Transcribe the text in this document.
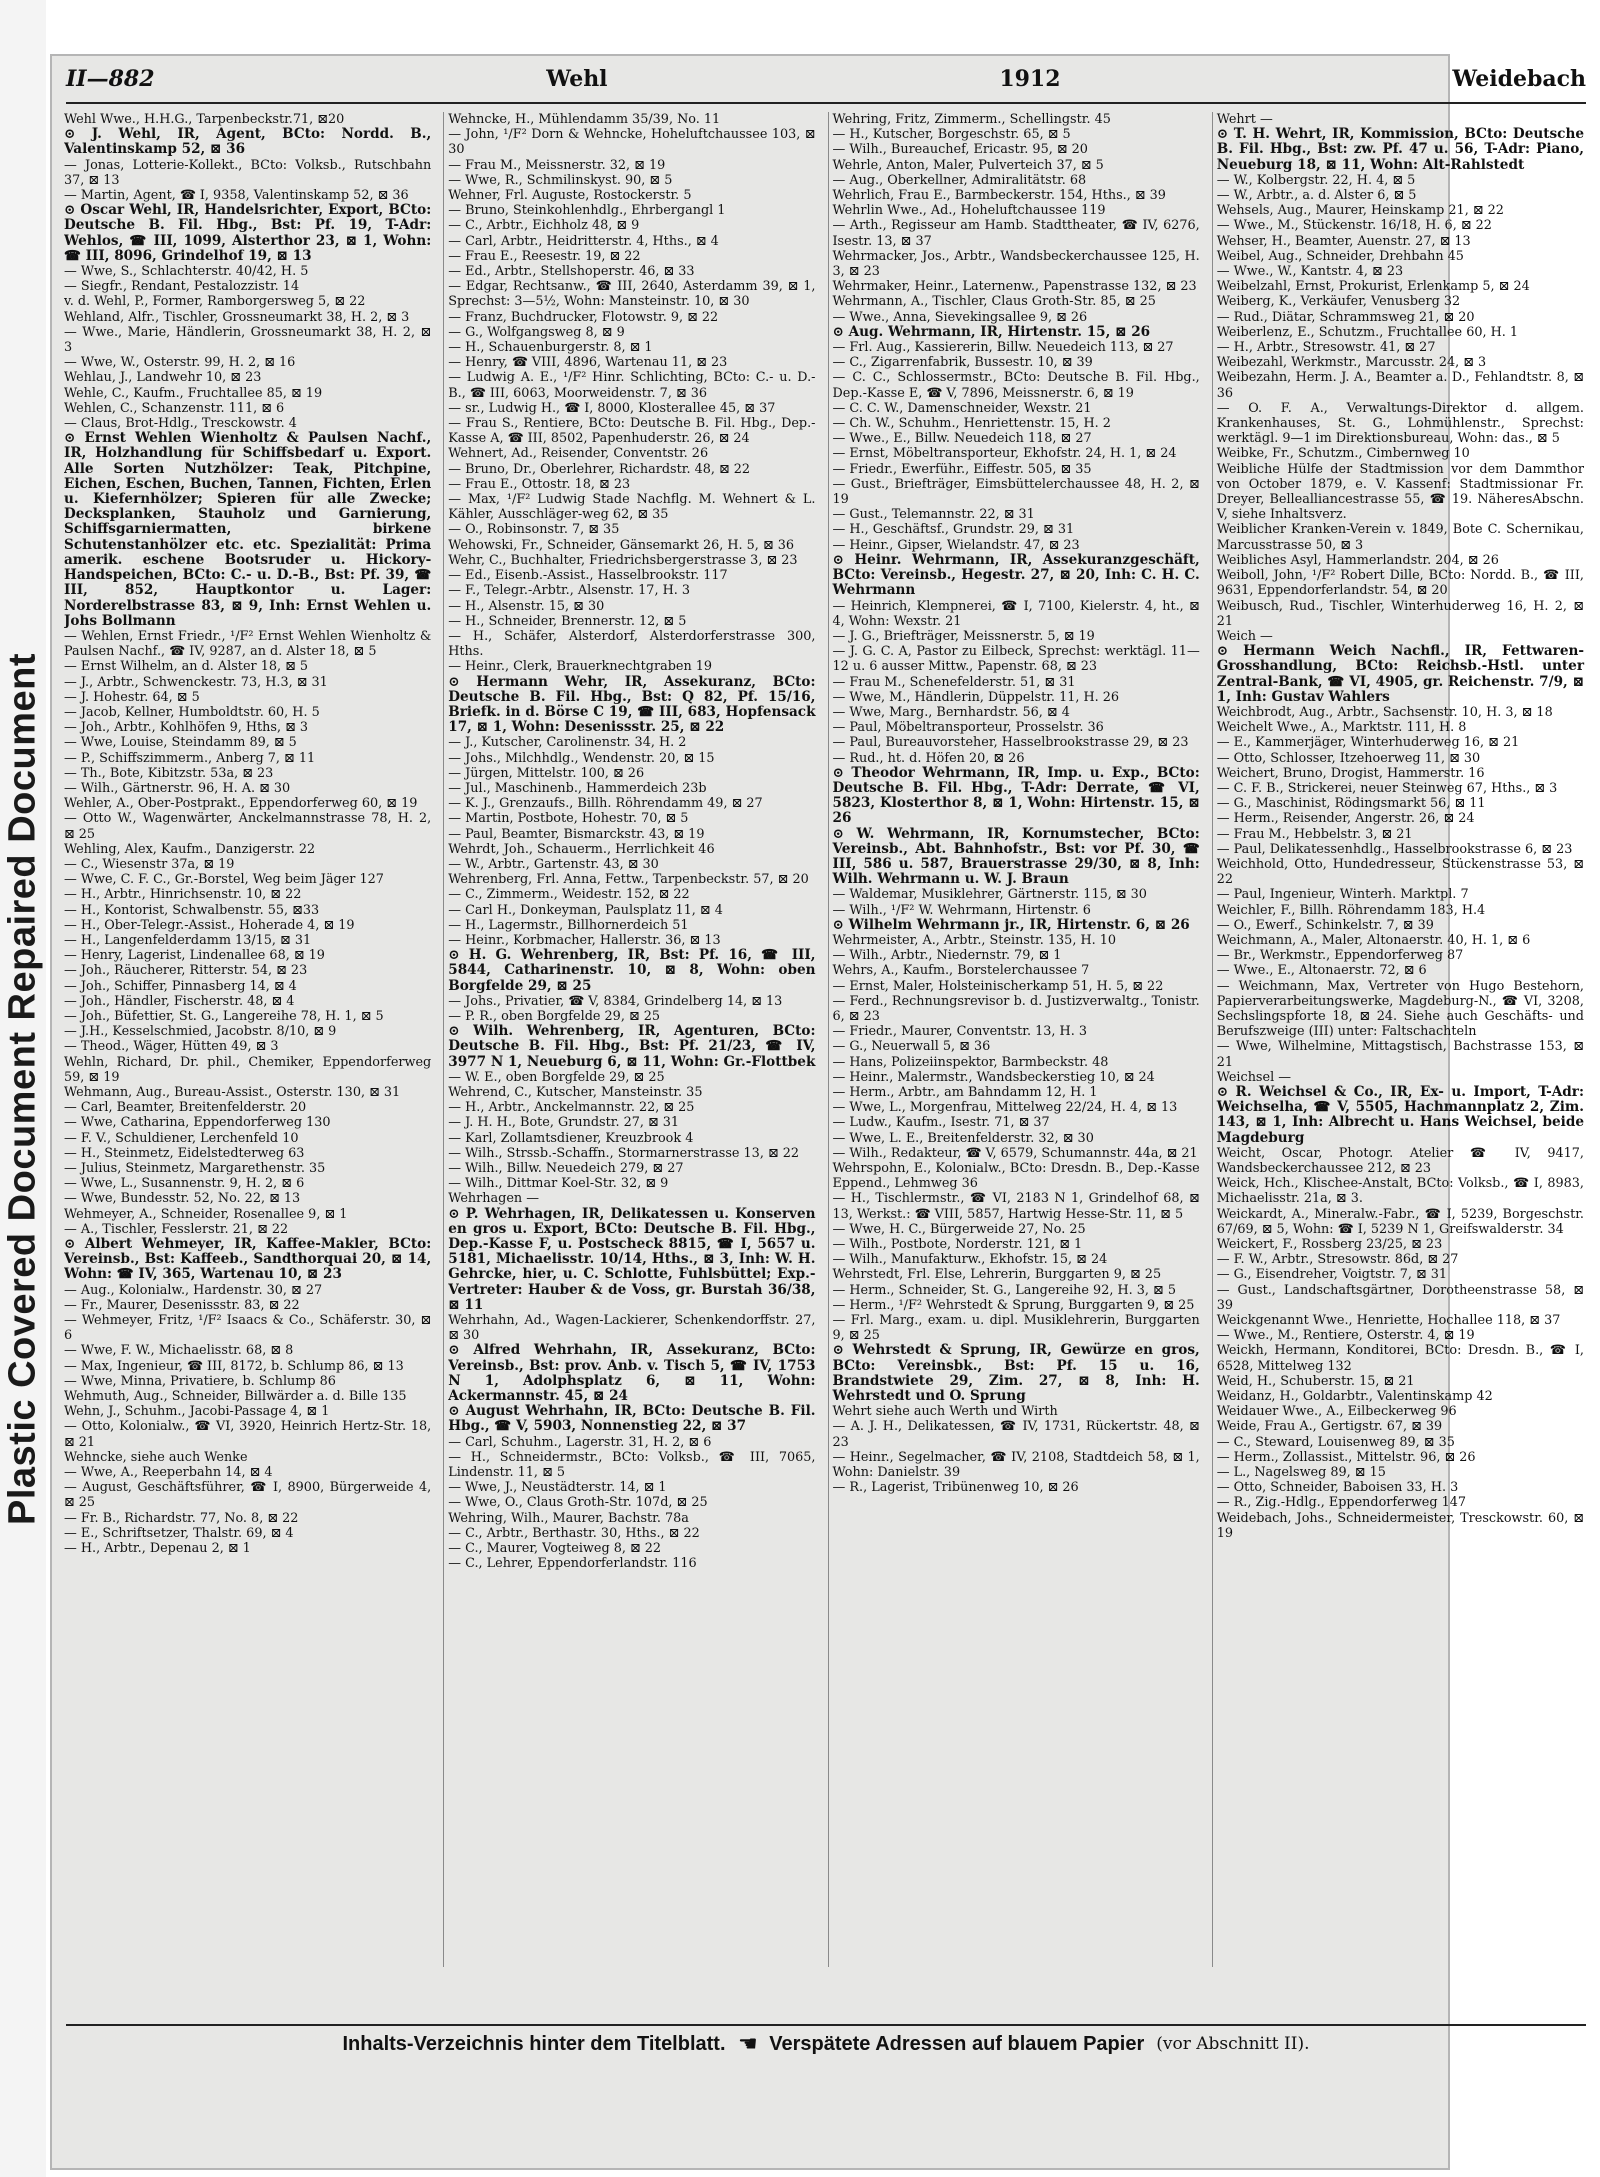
Plastic Covered Document Repaired Document
II—882	Wehl	1912	Weidebach

Wehl Wwe., H.H.G., Tarpenbeckstr.71, ⊠20

⊙ J. Wehl, IR, Agent, BCto: Nordd. B., Valentinskamp 52, ⊠ 36

— Jonas, Lotterie-Kollekt., BCto: Volksb., Rutschbahn 37, ⊠ 13

— Martin, Agent, ☎ I, 9358, Valentinskamp 52, ⊠ 36

⊙ Oscar Wehl, IR, Handelsrichter, Export, BCto: Deutsche B. Fil. Hbg., Bst: Pf. 19, T-Adr: Wehlos, ☎ III, 1099, Alsterthor 23, ⊠ 1, Wohn: ☎ III, 8096, Grindelhof 19, ⊠ 13

— Wwe, S., Schlachterstr. 40/42, H. 5

— Siegfr., Rendant, Pestalozzistr. 14

v. d. Wehl, P., Former, Ramborgersweg 5, ⊠ 22

Wehland, Alfr., Tischler, Grossneumarkt 38, H. 2, ⊠ 3

— Wwe., Marie, Händlerin, Grossneumarkt 38, H. 2, ⊠ 3

— Wwe, W., Osterstr. 99, H. 2, ⊠ 16

Wehlau, J., Landwehr 10, ⊠ 23

Wehle, C., Kaufm., Fruchtallee 85, ⊠ 19

Wehlen, C., Schanzenstr. 111, ⊠ 6

— Claus, Brot-Hdlg., Tresckowstr. 4

⊙ Ernst Wehlen Wienholtz & Paulsen Nachf., IR, Holzhandlung für Schiffsbedarf u. Export. Alle Sorten Nutzhölzer: Teak, Pitchpine, Eichen, Eschen, Buchen, Tannen, Fichten, Erlen u. Kiefernhölzer; Spieren für alle Zwecke; Decksplanken, Stauholz und Garnierung, Schiffsgarniermatten, birkene Schutenstanhölzer etc. etc. Spezialität: Prima amerik. eschene Bootsruder u. Hickory-Handspeichen, BCto: C.- u. D.-B., Bst: Pf. 39, ☎ III, 852, Hauptkontor u. Lager: Norderelbstrasse 83, ⊠ 9, Inh: Ernst Wehlen u. Johs Bollmann

— Wehlen, Ernst Friedr., ¹/F² Ernst Wehlen Wienholtz & Paulsen Nachf., ☎ IV, 9287, an d. Alster 18, ⊠ 5

— Ernst Wilhelm, an d. Alster 18, ⊠ 5

— J., Arbtr., Schwenckestr. 73, H.3, ⊠ 31

— J. Hohestr. 64, ⊠ 5

— Jacob, Kellner, Humboldtstr. 60, H. 5

— Joh., Arbtr., Kohlhöfen 9, Hths, ⊠ 3

— Wwe, Louise, Steindamm 89, ⊠ 5

— P., Schiffszimmerm., Anberg 7, ⊠ 11

— Th., Bote, Kibitzstr. 53a, ⊠ 23

— Wilh., Gärtnerstr. 96, H. A. ⊠ 30

Wehler, A., Ober-Postprakt., Eppendorferweg 60, ⊠ 19

— Otto W., Wagenwärter, Anckelmannstrasse 78, H. 2, ⊠ 25

Wehling, Alex, Kaufm., Danzigerstr. 22

— C., Wiesenstr 37a, ⊠ 19

— Wwe, C. F. C., Gr.-Borstel, Weg beim Jäger 127

— H., Arbtr., Hinrichsenstr. 10, ⊠ 22

— H., Kontorist, Schwalbenstr. 55, ⊠33

— H., Ober-Telegr.-Assist., Hoherade 4, ⊠ 19

— H., Langenfelderdamm 13/15, ⊠ 31

— Henry, Lagerist, Lindenallee 68, ⊠ 19

— Joh., Räucherer, Ritterstr. 54, ⊠ 23

— Joh., Schiffer, Pinnasberg 14, ⊠ 4

— Joh., Händler, Fischerstr. 48, ⊠ 4

— Joh., Büfettier, St. G., Langereihe 78, H. 1, ⊠ 5

— J.H., Kesselschmied, Jacobstr. 8/10, ⊠ 9

— Theod., Wäger, Hütten 49, ⊠ 3

Wehln, Richard, Dr. phil., Chemiker, Eppendorferweg 59, ⊠ 19

Wehmann, Aug., Bureau-Assist., Osterstr. 130, ⊠ 31

— Carl, Beamter, Breitenfelderstr. 20

— Wwe, Catharina, Eppendorferweg 130

— F. V., Schuldiener, Lerchenfeld 10

— H., Steinmetz, Eidelstedterweg 63

— Julius, Steinmetz, Margarethenstr. 35

— Wwe, L., Susannenstr. 9, H. 2, ⊠ 6

— Wwe, Bundesstr. 52, No. 22, ⊠ 13

Wehmeyer, A., Schneider, Rosenallee 9, ⊠ 1

— A., Tischler, Fesslerstr. 21, ⊠ 22

⊙ Albert Wehmeyer, IR, Kaffee-Makler, BCto: Vereinsb., Bst: Kaffeeb., Sandthorquai 20, ⊠ 14, Wohn: ☎ IV, 365, Wartenau 10, ⊠ 23

— Aug., Kolonialw., Hardenstr. 30, ⊠ 27

— Fr., Maurer, Desenissstr. 83, ⊠ 22

— Wehmeyer, Fritz, ¹/F² Isaacs & Co., Schäferstr. 30, ⊠ 6

— Wwe, F. W., Michaelisstr. 68, ⊠ 8

— Max, Ingenieur, ☎ III, 8172, b. Schlump 86, ⊠ 13

— Wwe, Minna, Privatiere, b. Schlump 86

Wehmuth, Aug., Schneider, Billwärder a. d. Bille 135

Wehn, J., Schuhm., Jacobi-Passage 4, ⊠ 1

— Otto, Kolonialw., ☎ VI, 3920, Heinrich Hertz-Str. 18, ⊠ 21

Wehncke, siehe auch Wenke

— Wwe, A., Reeperbahn 14, ⊠ 4

— August, Geschäftsführer, ☎ I, 8900, Bürgerweide 4, ⊠ 25

— Fr. B., Richardstr. 77, No. 8, ⊠ 22

— E., Schriftsetzer, Thalstr. 69, ⊠ 4

— H., Arbtr., Depenau 2, ⊠ 1

Wehncke, H., Mühlendamm 35/39, No. 11

— John, ¹/F² Dorn & Wehncke, Hoheluftchaussee 103, ⊠ 30

— Frau M., Meissnerstr. 32, ⊠ 19

— Wwe, R., Schmilinskyst. 90, ⊠ 5

Wehner, Frl. Auguste, Rostockerstr. 5

— Bruno, Steinkohlenhdlg., Ehrbergangl 1

— C., Arbtr., Eichholz 48, ⊠ 9

— Carl, Arbtr., Heidritterstr. 4, Hths., ⊠ 4

— Frau E., Reesestr. 19, ⊠ 22

— Ed., Arbtr., Stellshoperstr. 46, ⊠ 33

— Edgar, Rechtsanw., ☎ III, 2640, Asterdamm 39, ⊠ 1, Sprechst: 3—5½, Wohn: Mansteinstr. 10, ⊠ 30

— Franz, Buchdrucker, Flotowstr. 9, ⊠ 22

— G., Wolfgangsweg 8, ⊠ 9

— H., Schauenburgerstr. 8, ⊠ 1

— Henry, ☎ VIII, 4896, Wartenau 11, ⊠ 23

— Ludwig A. E., ¹/F² Hinr. Schlichting, BCto: C.- u. D.-B., ☎ III, 6063, Moorweidenstr. 7, ⊠ 36

— sr., Ludwig H., ☎ I, 8000, Klosterallee 45, ⊠ 37

— Frau S., Rentiere, BCto: Deutsche B. Fil. Hbg., Dep.-Kasse A, ☎ III, 8502, Papenhuderstr. 26, ⊠ 24

Wehnert, Ad., Reisender, Conventstr. 26

— Bruno, Dr., Oberlehrer, Richardstr. 48, ⊠ 22

— Frau E., Ottostr. 18, ⊠ 23

— Max, ¹/F² Ludwig Stade Nachflg. M. Wehnert & L. Kähler, Ausschläger-weg 62, ⊠ 35

— O., Robinsonstr. 7, ⊠ 35

Wehowski, Fr., Schneider, Gänsemarkt 26, H. 5, ⊠ 36

Wehr, C., Buchhalter, Friedrichsbergerstrasse 3, ⊠ 23

— Ed., Eisenb.-Assist., Hasselbrookstr. 117

— F., Telegr.-Arbtr., Alsenstr. 17, H. 3

— H., Alsenstr. 15, ⊠ 30

— H., Schneider, Brennerstr. 12, ⊠ 5

— H., Schäfer, Alsterdorf, Alsterdorferstrasse 300, Hths.

— Heinr., Clerk, Brauerknechtgraben 19

⊙ Hermann Wehr, IR, Assekuranz, BCto: Deutsche B. Fil. Hbg., Bst: Q 82, Pf. 15/16, Briefk. in d. Börse C 19, ☎ III, 683, Hopfensack 17, ⊠ 1, Wohn: Desenissstr. 25, ⊠ 22

— J., Kutscher, Carolinenstr. 34, H. 2

— Johs., Milchhdlg., Wendenstr. 20, ⊠ 15

— Jürgen, Mittelstr. 100, ⊠ 26

— Jul., Maschinenb., Hammerdeich 23b

— K. J., Grenzaufs., Billh. Röhrendamm 49, ⊠ 27

— Martin, Postbote, Hohestr. 70, ⊠ 5

— Paul, Beamter, Bismarckstr. 43, ⊠ 19

Wehrdt, Joh., Schauerm., Herrlichkeit 46

— W., Arbtr., Gartenstr. 43, ⊠ 30

Wehrenberg, Frl. Anna, Fettw., Tarpenbeckstr. 57, ⊠ 20

— C., Zimmerm., Weidestr. 152, ⊠ 22

— Carl H., Donkeyman, Paulsplatz 11, ⊠ 4

— H., Lagermstr., Billhornerdeich 51

— Heinr., Korbmacher, Hallerstr. 36, ⊠ 13

⊙ H. G. Wehrenberg, IR, Bst: Pf. 16, ☎ III, 5844, Catharinenstr. 10, ⊠ 8, Wohn: oben Borgfelde 29, ⊠ 25

— Johs., Privatier, ☎ V, 8384, Grindelberg 14, ⊠ 13

— P. R., oben Borgfelde 29, ⊠ 25

⊙ Wilh. Wehrenberg, IR, Agenturen, BCto: Deutsche B. Fil. Hbg., Bst: Pf. 21/23, ☎ IV, 3977 N 1, Neueburg 6, ⊠ 11, Wohn: Gr.-Flottbek

— W. E., oben Borgfelde 29, ⊠ 25

Wehrend, C., Kutscher, Mansteinstr. 35

— H., Arbtr., Anckelmannstr. 22, ⊠ 25

— J. H. H., Bote, Grundstr. 27, ⊠ 31

— Karl, Zollamtsdiener, Kreuzbrook 4

— Wilh., Strssb.-Schaffn., Stormarnerstrasse 13, ⊠ 22

— Wilh., Billw. Neuedeich 279, ⊠ 27

— Wilh., Dittmar Koel-Str. 32, ⊠ 9

Wehrhagen —

⊙ P. Wehrhagen, IR, Delikatessen u. Konserven en gros u. Export, BCto: Deutsche B. Fil. Hbg., Dep.-Kasse F, u. Postscheck 8815, ☎ I, 5657 u. 5181, Michaelisstr. 10/14, Hths., ⊠ 3, Inh: W. H. Gehrcke, hier, u. C. Schlotte, Fuhlsbüttel; Exp.-Vertreter: Hauber & de Voss, gr. Burstah 36/38, ⊠ 11

Wehrhahn, Ad., Wagen-Lackierer, Schenkendorffstr. 27, ⊠ 30

⊙ Alfred Wehrhahn, IR, Assekuranz, BCto: Vereinsb., Bst: prov. Anb. v. Tisch 5, ☎ IV, 1753 N 1, Adolphsplatz 6, ⊠ 11, Wohn: Ackermannstr. 45, ⊠ 24

⊙ August Wehrhahn, IR, BCto: Deutsche B. Fil. Hbg., ☎ V, 5903, Nonnenstieg 22, ⊠ 37

— Carl, Schuhm., Lagerstr. 31, H. 2, ⊠ 6

— H., Schneidermstr., BCto: Volksb., ☎ III, 7065, Lindenstr. 11, ⊠ 5

— Wwe, J., Neustädterstr. 14, ⊠ 1

— Wwe, O., Claus Groth-Str. 107d, ⊠ 25

Wehring, Wilh., Maurer, Bachstr. 78a

— C., Arbtr., Berthastr. 30, Hths., ⊠ 22

— C., Maurer, Vogteiweg 8, ⊠ 22

— C., Lehrer, Eppendorferlandstr. 116

Wehring, Fritz, Zimmerm., Schellingstr. 45

— H., Kutscher, Borgeschstr. 65, ⊠ 5

— Wilh., Bureauchef, Ericastr. 95, ⊠ 20

Wehrle, Anton, Maler, Pulverteich 37, ⊠ 5

— Aug., Oberkellner, Admiralitätstr. 68

Wehrlich, Frau E., Barmbeckerstr. 154, Hths., ⊠ 39

Wehrlin Wwe., Ad., Hoheluftchaussee 119

— Arth., Regisseur am Hamb. Stadttheater, ☎ IV, 6276, Isestr. 13, ⊠ 37

Wehrmacker, Jos., Arbtr., Wandsbeckerchaussee 125, H. 3, ⊠ 23

Wehrmaker, Heinr., Laternenw., Papenstrasse 132, ⊠ 23

Wehrmann, A., Tischler, Claus Groth-Str. 85, ⊠ 25

— Wwe., Anna, Sievekingsallee 9, ⊠ 26

⊙ Aug. Wehrmann, IR, Hirtenstr. 15, ⊠ 26

— Frl. Aug., Kassiererin, Billw. Neuedeich 113, ⊠ 27

— C., Zigarrenfabrik, Bussestr. 10, ⊠ 39

— C. C., Schlossermstr., BCto: Deutsche B. Fil. Hbg., Dep.-Kasse E, ☎ V, 7896, Meissnerstr. 6, ⊠ 19

— C. C. W., Damenschneider, Wexstr. 21

— Ch. W., Schuhm., Henriettenstr. 15, H. 2

— Wwe., E., Billw. Neuedeich 118, ⊠ 27

— Ernst, Möbeltransporteur, Ekhofstr. 24, H. 1, ⊠ 24

— Friedr., Ewerführ., Eiffestr. 505, ⊠ 35

— Gust., Briefträger, Eimsbüttelerchaussee 48, H. 2, ⊠ 19

— Gust., Telemannstr. 22, ⊠ 31

— H., Geschäftsf., Grundstr. 29, ⊠ 31

— Heinr., Gipser, Wielandstr. 47, ⊠ 23

⊙ Heinr. Wehrmann, IR, Assekuranzgeschäft, BCto: Vereinsb., Hegestr. 27, ⊠ 20, Inh: C. H. C. Wehrmann

— Heinrich, Klempnerei, ☎ I, 7100, Kielerstr. 4, ht., ⊠ 4, Wohn: Wexstr. 21

— J. G., Briefträger, Meissnerstr. 5, ⊠ 19

— J. G. C. A, Pastor zu Eilbeck, Sprechst: werktägl. 11—12 u. 6 ausser Mittw., Papenstr. 68, ⊠ 23

— Frau M., Schenefelderstr. 51, ⊠ 31

— Wwe, M., Händlerin, Düppelstr. 11, H. 26

— Wwe, Marg., Bernhardstr. 56, ⊠ 4

— Paul, Möbeltransporteur, Prosselstr. 36

— Paul, Bureauvorsteher, Hasselbrookstrasse 29, ⊠ 23

— Rud., ht. d. Höfen 20, ⊠ 26

⊙ Theodor Wehrmann, IR, Imp. u. Exp., BCto: Deutsche B. Fil. Hbg., T-Adr: Derrate, ☎ VI, 5823, Klosterthor 8, ⊠ 1, Wohn: Hirtenstr. 15, ⊠ 26

⊙ W. Wehrmann, IR, Kornumstecher, BCto: Vereinsb., Abt. Bahnhofstr., Bst: vor Pf. 30, ☎ III, 586 u. 587, Brauerstrasse 29/30, ⊠ 8, Inh: Wilh. Wehrmann u. W. J. Braun

— Waldemar, Musiklehrer, Gärtnerstr. 115, ⊠ 30

— Wilh., ¹/F² W. Wehrmann, Hirtenstr. 6

⊙ Wilhelm Wehrmann jr., IR, Hirtenstr. 6, ⊠ 26

Wehrmeister, A., Arbtr., Steinstr. 135, H. 10

— Wilh., Arbtr., Niedernstr. 79, ⊠ 1

Wehrs, A., Kaufm., Borstelerchaussee 7

— Ernst, Maler, Holsteinischerkamp 51, H. 5, ⊠ 22

— Ferd., Rechnungsrevisor b. d. Justizverwaltg., Tonistr. 6, ⊠ 23

— Friedr., Maurer, Conventstr. 13, H. 3

— G., Neuerwall 5, ⊠ 36

— Hans, Polizeiinspektor, Barmbeckstr. 48

— Heinr., Malermstr., Wandsbeckerstieg 10, ⊠ 24

— Herm., Arbtr., am Bahndamm 12, H. 1

— Wwe, L., Morgenfrau, Mittelweg 22/24, H. 4, ⊠ 13

— Ludw., Kaufm., Isestr. 71, ⊠ 37

— Wwe, L. E., Breitenfelderstr. 32, ⊠ 30

— Wilh., Redakteur, ☎ V, 6579, Schumannstr. 44a, ⊠ 21

Wehrspohn, E., Kolonialw., BCto: Dresdn. B., Dep.-Kasse Eppend., Lehmweg 36

— H., Tischlermstr., ☎ VI, 2183 N 1, Grindelhof 68, ⊠ 13, Werkst.: ☎ VIII, 5857, Hartwig Hesse-Str. 11, ⊠ 5

— Wwe, H. C., Bürgerweide 27, No. 25

— Wilh., Postbote, Norderstr. 121, ⊠ 1

— Wilh., Manufakturw., Ekhofstr. 15, ⊠ 24

Wehrstedt, Frl. Else, Lehrerin, Burggarten 9, ⊠ 25

— Herm., Schneider, St. G., Langereihe 92, H. 3, ⊠ 5

— Herm., ¹/F² Wehrstedt & Sprung, Burggarten 9, ⊠ 25

— Frl. Marg., exam. u. dipl. Musiklehrerin, Burggarten 9, ⊠ 25

⊙ Wehrstedt & Sprung, IR, Gewürze en gros, BCto: Vereinsbk., Bst: Pf. 15 u. 16, Brandstwiete 29, Zim. 27, ⊠ 8, Inh: H. Wehrstedt und O. Sprung

Wehrt siehe auch Werth und Wirth

— A. J. H., Delikatessen, ☎ IV, 1731, Rückertstr. 48, ⊠ 23

— Heinr., Segelmacher, ☎ IV, 2108, Stadtdeich 58, ⊠ 1, Wohn: Danielstr. 39

— R., Lagerist, Tribünenweg 10, ⊠ 26

Wehrt —

⊙ T. H. Wehrt, IR, Kommission, BCto: Deutsche B. Fil. Hbg., Bst: zw. Pf. 47 u. 56, T-Adr: Piano, Neueburg 18, ⊠ 11, Wohn: Alt-Rahlstedt

— W., Kolbergstr. 22, H. 4, ⊠ 5

— W., Arbtr., a. d. Alster 6, ⊠ 5

Wehsels, Aug., Maurer, Heinskamp 21, ⊠ 22

— Wwe., M., Stückenstr. 16/18, H. 6, ⊠ 22

Wehser, H., Beamter, Auenstr. 27, ⊠ 13

Weibel, Aug., Schneider, Drehbahn 45

— Wwe., W., Kantstr. 4, ⊠ 23

Weibelzahl, Ernst, Prokurist, Erlenkamp 5, ⊠ 24

Weiberg, K., Verkäufer, Venusberg 32

— Rud., Diätar, Schrammsweg 21, ⊠ 20

Weiberlenz, E., Schutzm., Fruchtallee 60, H. 1

— H., Arbtr., Stresowstr. 41, ⊠ 27

Weibezahl, Werkmstr., Marcusstr. 24, ⊠ 3

Weibezahn, Herm. J. A., Beamter a. D., Fehlandtstr. 8, ⊠ 36

— O. F. A., Verwaltungs-Direktor d. allgem. Krankenhauses, St. G., Lohmühlenstr., Sprechst: werktägl. 9—1 im Direktionsbureau, Wohn: das., ⊠ 5

Weibke, Fr., Schutzm., Cimbernweg 10

Weibliche Hülfe der Stadtmission vor dem Dammthor von October 1879, e. V. Kassenf: Stadtmissionar Fr. Dreyer, Bellealliancestrasse 55, ☎ 19. NäheresAbschn. V, siehe Inhaltsverz.

Weiblicher Kranken-Verein v. 1849, Bote C. Schernikau, Marcusstrasse 50, ⊠ 3

Weibliches Asyl, Hammerlandstr. 204, ⊠ 26

Weiboll, John, ¹/F² Robert Dille, BCto: Nordd. B., ☎ III, 9631, Eppendorferlandstr. 54, ⊠ 20

Weibusch, Rud., Tischler, Winterhuderweg 16, H. 2, ⊠ 21

Weich —

⊙ Hermann Weich Nachfl., IR, Fettwaren-Grosshandlung, BCto: Reichsb.-Hstl. unter Zentral-Bank, ☎ VI, 4905, gr. Reichenstr. 7/9, ⊠ 1, Inh: Gustav Wahlers

Weichbrodt, Aug., Arbtr., Sachsenstr. 10, H. 3, ⊠ 18

Weichelt Wwe., A., Marktstr. 111, H. 8

— E., Kammerjäger, Winterhuderweg 16, ⊠ 21

— Otto, Schlosser, Itzehoerweg 11, ⊠ 30

Weichert, Bruno, Drogist, Hammerstr. 16

— C. F. B., Strickerei, neuer Steinweg 67, Hths., ⊠ 3

— G., Maschinist, Rödingsmarkt 56, ⊠ 11

— Herm., Reisender, Angerstr. 26, ⊠ 24

— Frau M., Hebbelstr. 3, ⊠ 21

— Paul, Delikatessenhdlg., Hasselbrookstrasse 6, ⊠ 23

Weichhold, Otto, Hundedresseur, Stückenstrasse 53, ⊠ 22

— Paul, Ingenieur, Winterh. Marktpl. 7

Weichler, F., Billh. Röhrendamm 183, H.4

— O., Ewerf., Schinkelstr. 7, ⊠ 39

Weichmann, A., Maler, Altonaerstr. 40, H. 1, ⊠ 6

— Br., Werkmstr., Eppendorferweg 87

— Wwe., E., Altonaerstr. 72, ⊠ 6

— Weichmann, Max, Vertreter von Hugo Bestehorn, Papierverarbeitungswerke, Magdeburg-N., ☎ VI, 3208, Sechslingspforte 18, ⊠ 24. Siehe auch Geschäfts- und Berufszweige (III) unter: Faltschachteln

— Wwe, Wilhelmine, Mittagstisch, Bachstrasse 153, ⊠ 21

Weichsel —

⊙ R. Weichsel & Co., IR, Ex- u. Import, T-Adr: Weichselha, ☎ V, 5505, Hachmannplatz 2, Zim. 143, ⊠ 1, Inh: Albrecht u. Hans Weichsel, beide Magdeburg

Weicht, Oscar, Photogr. Atelier ☎ IV, 9417, Wandsbeckerchaussee 212, ⊠ 23

Weick, Hch., Klischee-Anstalt, BCto: Volksb., ☎ I, 8983, Michaelisstr. 21a, ⊠ 3.

Weickardt, A., Mineralw.-Fabr., ☎ I, 5239, Borgeschstr. 67/69, ⊠ 5, Wohn: ☎ I, 5239 N 1, Greifswalderstr. 34

Weickert, F., Rossberg 23/25, ⊠ 23

— F. W., Arbtr., Stresowstr. 86d, ⊠ 27

— G., Eisendreher, Voigtstr. 7, ⊠ 31

— Gust., Landschaftsgärtner, Dorotheenstrasse 58, ⊠ 39

Weickgenannt Wwe., Henriette, Hochallee 118, ⊠ 37

— Wwe., M., Rentiere, Osterstr. 4, ⊠ 19

Weickh, Hermann, Konditorei, BCto: Dresdn. B., ☎ I, 6528, Mittelweg 132

Weid, H., Schuberstr. 15, ⊠ 21

Weidanz, H., Goldarbtr., Valentinskamp 42

Weidauer Wwe., A., Eilbeckerweg 96

Weide, Frau A., Gertigstr. 67, ⊠ 39

— C., Steward, Louisenweg 89, ⊠ 35

— Herm., Zollassist., Mittelstr. 96, ⊠ 26

— L., Nagelsweg 89, ⊠ 15

— Otto, Schneider, Baboisen 33, H. 3

— R., Zig.-Hdlg., Eppendorferweg 147

Weidebach, Johs., Schneidermeister, Tresckowstr. 60, ⊠ 19

Inhalts-Verzeichnis hinter dem Titelblatt. ☛ Verspätete Adressen auf blauem Papier (vor Abschnitt II).
